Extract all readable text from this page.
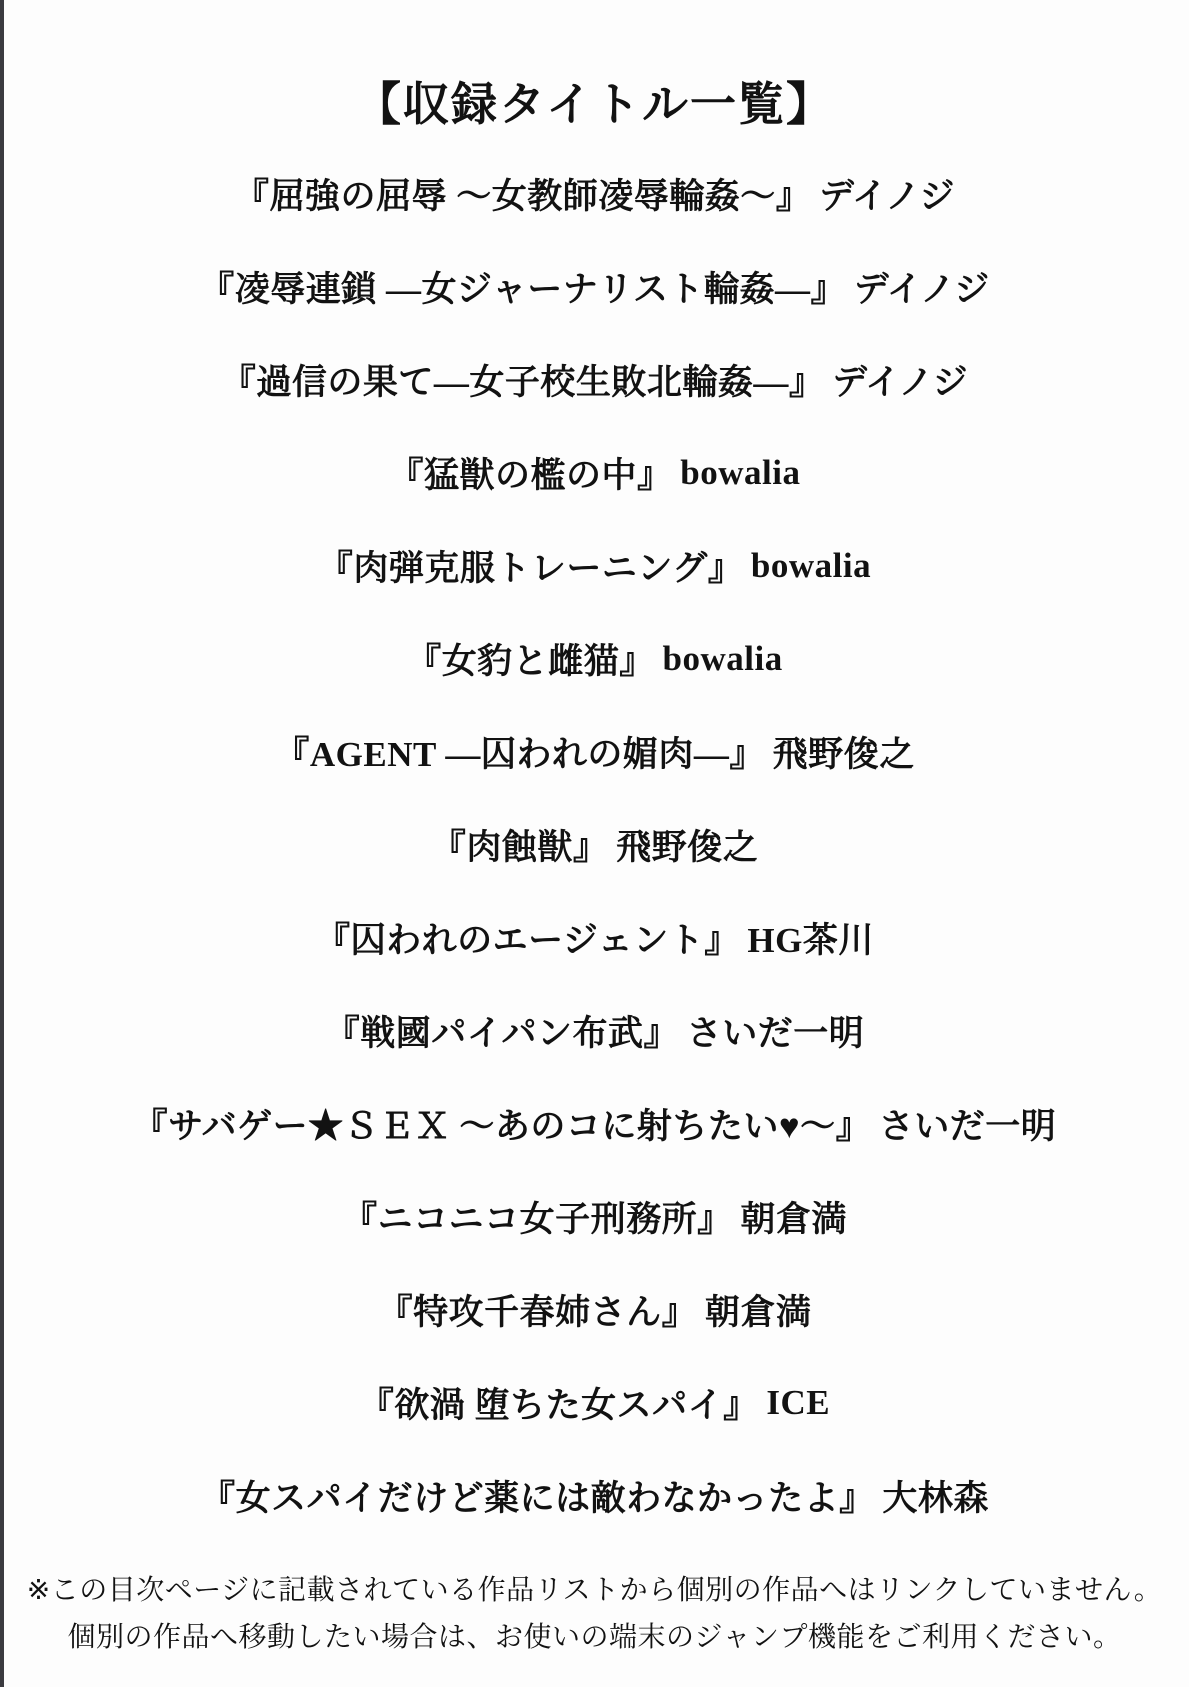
【収録タイトル一覧】
『屈強の屈辱 ～女教師凌辱輪姦～』 デイノジ
『凌辱連鎖 ―女ジャーナリスト輪姦―』 デイノジ
『過信の果て―女子校生敗北輪姦―』 デイノジ
『猛獣の檻の中』 bowalia
『肉弾克服トレーニング』 bowalia
『女豹と雌猫』 bowalia
『AGENT ―囚われの媚肉―』 飛野俊之
『肉蝕獣』 飛野俊之
『囚われのエージェント』 HG茶川
『戦國パイパン布武』 さいだ一明
『サバゲー★ＳＥＸ ～あのコに射ちたい♥～』 さいだ一明
『ニコニコ女子刑務所』 朝倉満
『特攻千春姉さん』 朝倉満
『欲渦 堕ちた女スパイ』 ICE
『女スパイだけど薬には敵わなかったよ』 大林森
※この目次ページに記載されている作品リストから個別の作品へはリンクしていません。
個別の作品へ移動したい場合は、お使いの端末のジャンプ機能をご利用ください。
